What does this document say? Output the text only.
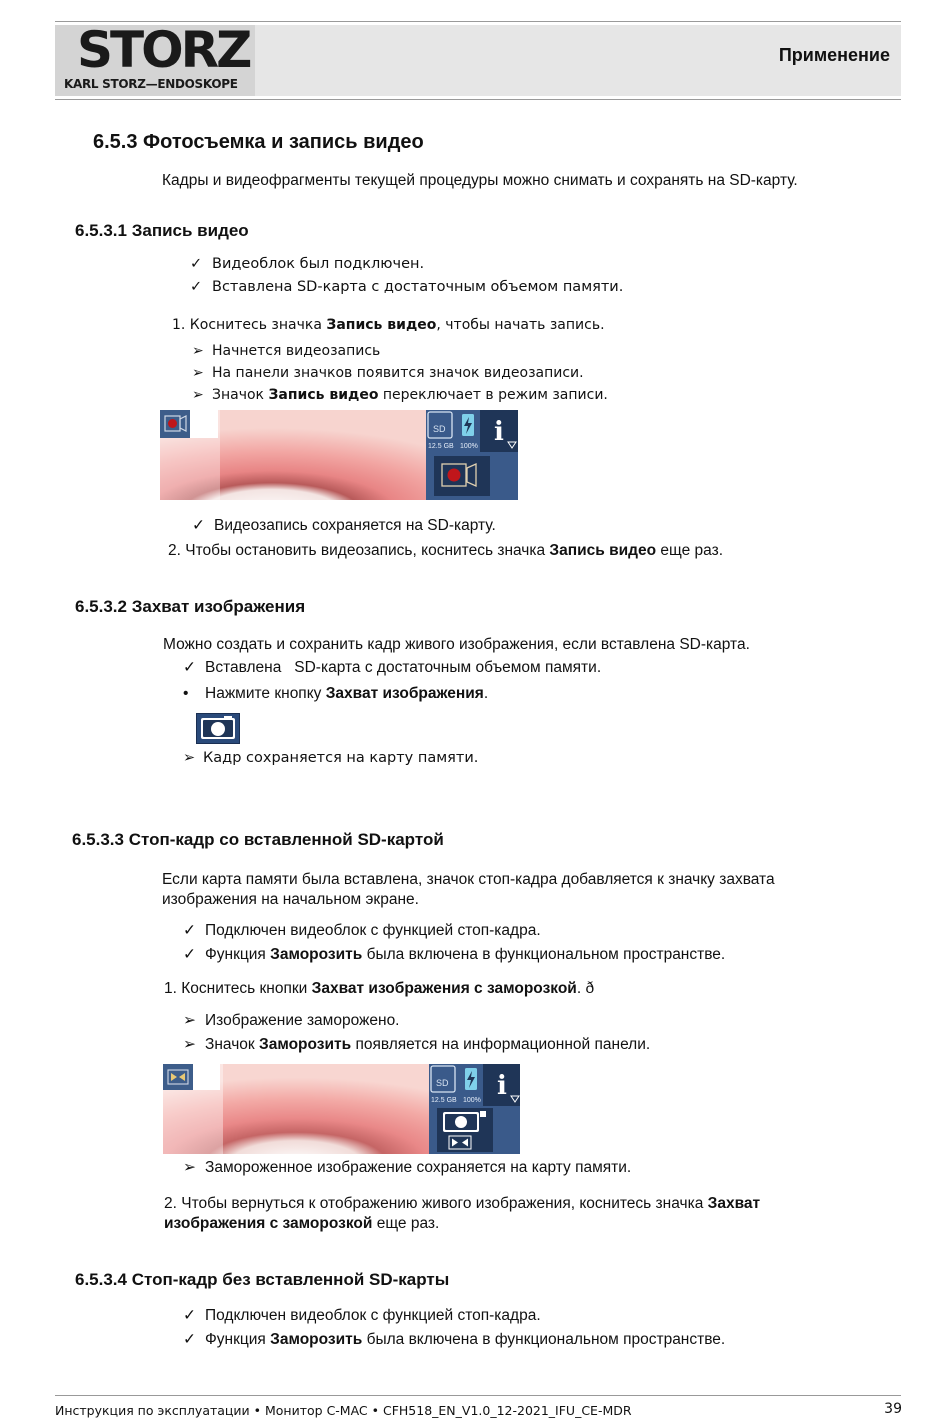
STORZ
KARL STORZ—ENDOSKOPE
Применение
6.5.3 Фотосъемка и запись видео
Кадры и видеофрагменты текущей процедуры можно снимать и сохранять на SD-карту.
6.5.3.1 Запись видео
✓ Видеоблок был подключен.
✓ Вставлена SD-карта с достаточным объемом памяти.
1. Коснитесь значка Запись видео, чтобы начать запись.
➢ Начнется видеозапись
➢ На панели значков появится значок видеозаписи.
➢ Значок Запись видео переключает в режим записи.
SD
12.5 GB 100% i
✓ Видеозапись сохраняется на SD-карту.
2. Чтобы остановить видеозапись, коснитесь значка Запись видео еще раз.
6.5.3.2 Захват изображения
Можно создать и сохранить кадр живого изображения, если вставлена SD-карта.
✓ Вставлена   SD-карта с достаточным объемом памяти.
• Нажмите кнопку Захват изображения.
➢ Кадр сохраняется на карту памяти.
6.5.3.3 Стоп-кадр со вставленной SD-картой
Если карта памяти была вставлена, значок стоп-кадра добавляется к значку захвата изображения на начальном экране.
✓ Подключен видеоблок с функцией стоп-кадра.
✓ Функция Заморозить была включена в функциональном пространстве.
1. Коснитесь кнопки Захват изображения с заморозкой. ð
➢ Изображение заморожено.
➢ Значок Заморозить появляется на информационной панели.
SD
12.5 GB 100% i
➢ Замороженное изображение сохраняется на карту памяти.
2. Чтобы вернуться к отображению живого изображения, коснитесь значка Захват изображения с заморозкой еще раз.
6.5.3.4 Стоп-кадр без вставленной SD-карты
✓ Подключен видеоблок с функцией стоп-кадра.
✓ Функция Заморозить была включена в функциональном пространстве.
Инструкция по эксплуатации • Монитор C-MAC • CFH518_EN_V1.0_12-2021_IFU_CE-MDR	39
